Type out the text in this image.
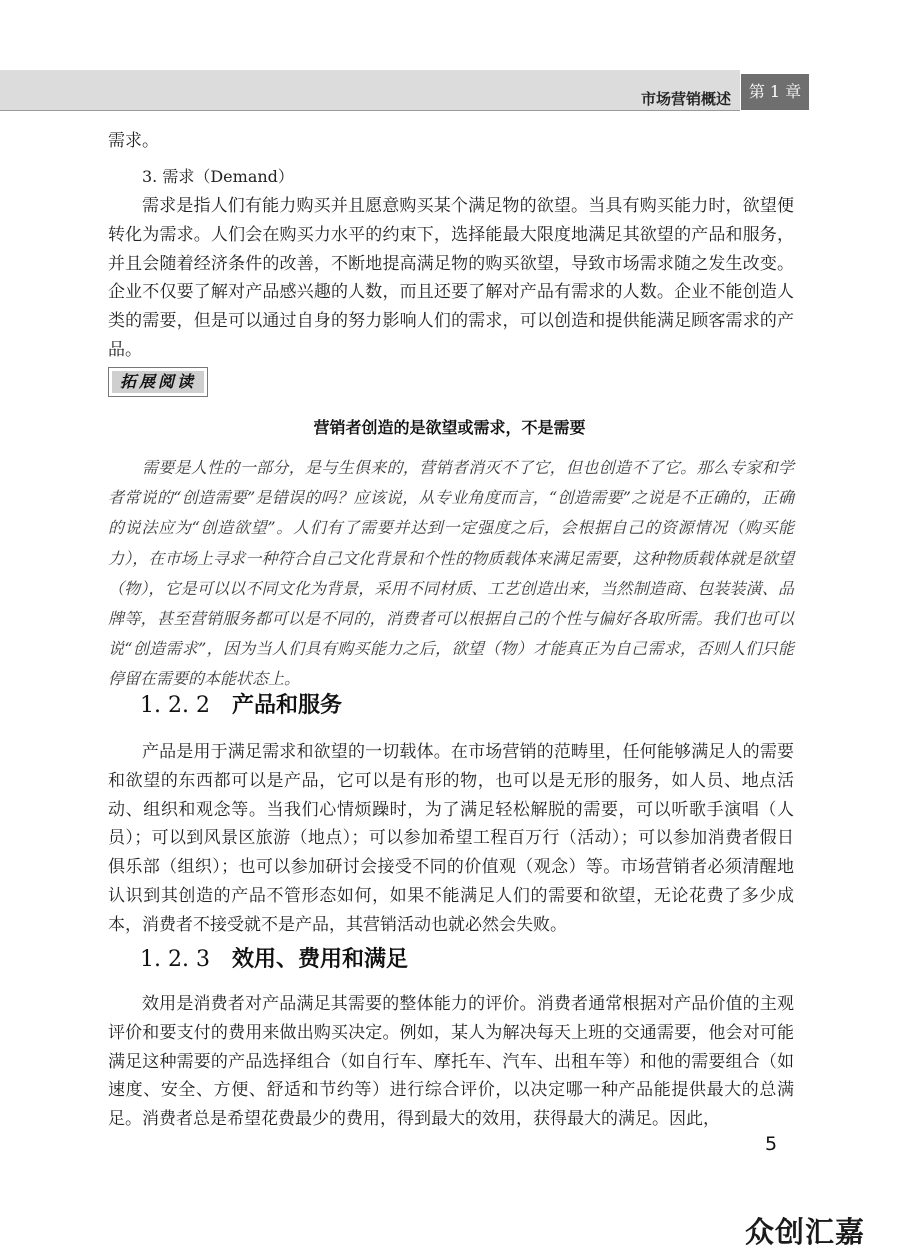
市场营销概述	第 1 章

需求。

3. 需求（Demand）

需求是指人们有能力购买并且愿意购买某个满足物的欲望。当具有购买能力时，欲望便转化为需求。人们会在购买力水平的约束下，选择能最大限度地满足其欲望的产品和服务，并且会随着经济条件的改善，不断地提高满足物的购买欲望，导致市场需求随之发生改变。企业不仅要了解对产品感兴趣的人数，而且还要了解对产品有需求的人数。企业不能创造人类的需要，但是可以通过自身的努力影响人们的需求，可以创造和提供能满足顾客需求的产品。

拓展阅读
营销者创造的是欲望或需求，不是需要

需要是人性的一部分，是与生俱来的，营销者消灭不了它，但也创造不了它。那么专家和学者常说的“创造需要”是错误的吗？应该说，从专业角度而言，“创造需要”之说是不正确的，正确的说法应为“创造欲望”。人们有了需要并达到一定强度之后，会根据自己的资源情况（购买能力），在市场上寻求一种符合自己文化背景和个性的物质载体来满足需要，这种物质载体就是欲望（物），它是可以以不同文化为背景，采用不同材质、工艺创造出来，当然制造商、包装装潢、品牌等，甚至营销服务都可以是不同的，消费者可以根据自己的个性与偏好各取所需。我们也可以说“创造需求”，因为当人们具有购买能力之后，欲望（物）才能真正为自己需求，否则人们只能停留在需要的本能状态上。

1. 2. 2 产品和服务

产品是用于满足需求和欲望的一切载体。在市场营销的范畴里，任何能够满足人的需要和欲望的东西都可以是产品，它可以是有形的物，也可以是无形的服务，如人员、地点活动、组织和观念等。当我们心情烦躁时，为了满足轻松解脱的需要，可以听歌手演唱（人员）；可以到风景区旅游（地点）；可以参加希望工程百万行（活动）；可以参加消费者假日俱乐部（组织）；也可以参加研讨会接受不同的价值观（观念）等。市场营销者必须清醒地认识到其创造的产品不管形态如何，如果不能满足人们的需要和欲望，无论花费了多少成本，消费者不接受就不是产品，其营销活动也就必然会失败。

1. 2. 3 效用、费用和满足

效用是消费者对产品满足其需要的整体能力的评价。消费者通常根据对产品价值的主观评价和要支付的费用来做出购买决定。例如，某人为解决每天上班的交通需要，他会对可能满足这种需要的产品选择组合（如自行车、摩托车、汽车、出租车等）和他的需要组合（如速度、安全、方便、舒适和节约等）进行综合评价，以决定哪一种产品能提供最大的总满足。消费者总是希望花费最少的费用，得到最大的效用，获得最大的满足。因此，

5
众创汇嘉
